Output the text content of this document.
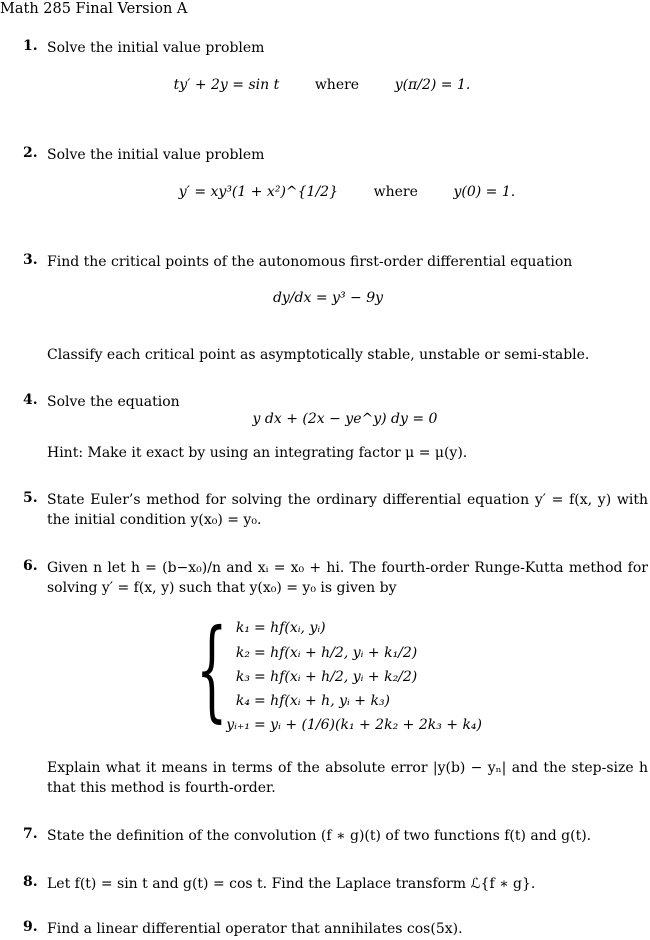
Math 285 Final Version A
1. Solve the initial value problem
ty′ + 2y = sin t	where	y(π/2) = 1.
2. Solve the initial value problem
y′ = xy³(1 + x²)^{1/2}	where	y(0) = 1.
3. Find the critical points of the autonomous first-order differential equation
dy/dx = y³ − 9y
Classify each critical point as asymptotically stable, unstable or semi-stable.
4. Solve the equation
y dx + (2x − ye^y) dy = 0
Hint: Make it exact by using an integrating factor μ = μ(y).
5. State Euler’s method for solving the ordinary differential equation y′ = f(x, y) with the initial condition y(x₀) = y₀.
6. Given n let h = (b−x₀)/n and xᵢ = x₀ + hi. The fourth-order Runge-Kutta method for solving y′ = f(x, y) such that y(x₀) = y₀ is given by
{ k₁ = hf(xᵢ, yᵢ)
k₂ = hf(xᵢ + h/2, yᵢ + k₁/2)
k₃ = hf(xᵢ + h/2, yᵢ + k₂/2)
k₄ = hf(xᵢ + h, yᵢ + k₃)
yᵢ₊₁ = yᵢ + (1/6)(k₁ + 2k₂ + 2k₃ + k₄)
Explain what it means in terms of the absolute error |y(b) − yₙ| and the step-size h that this method is fourth-order.
7. State the definition of the convolution (f ∗ g)(t) of two functions f(t) and g(t).
8. Let f(t) = sin t and g(t) = cos t. Find the Laplace transform ℒ{f ∗ g}.
9. Find a linear differential operator that annihilates cos(5x).
